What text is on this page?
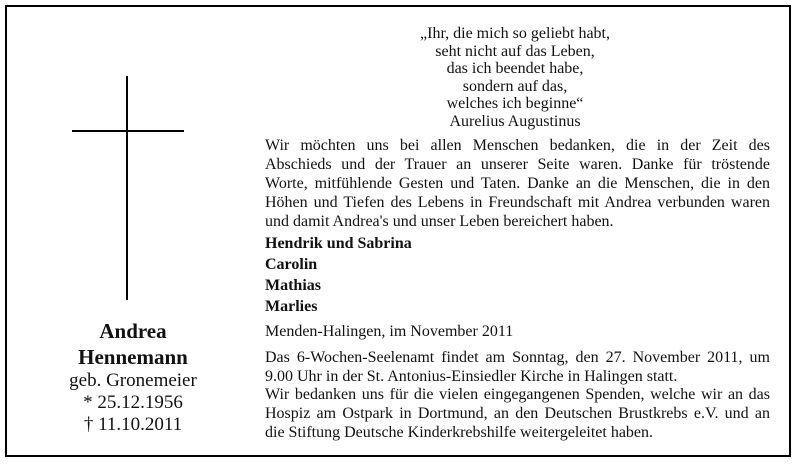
„Ihr, die mich so geliebt habt,
seht nicht auf das Leben,
das ich beendet habe,
sondern auf das,
welches ich beginne“
Aurelius Augustinus
Wir möchten uns bei allen Menschen bedanken, die in der Zeit des
Abschieds und der Trauer an unserer Seite waren. Danke für tröstende
Worte, mitfühlende Gesten und Taten. Danke an die Menschen, die in den
Höhen und Tiefen des Lebens in Freundschaft mit Andrea verbunden waren
und damit Andrea's und unser Leben bereichert haben.
Hendrik und Sabrina
Carolin
Mathias
Marlies
Menden-Halingen, im November 2011
Das 6-Wochen-Seelenamt findet am Sonntag, den 27. November 2011, um
9.00 Uhr in der St. Antonius-Einsiedler Kirche in Halingen statt.
Wir bedanken uns für die vielen eingegangenen Spenden, welche wir an das
Hospiz am Ostpark in Dortmund, an den Deutschen Brustkrebs e.V. und an
die Stiftung Deutsche Kinderkrebshilfe weitergeleitet haben.
Andrea
Hennemann
geb. Gronemeier
* 25.12.1956
† 11.10.2011
